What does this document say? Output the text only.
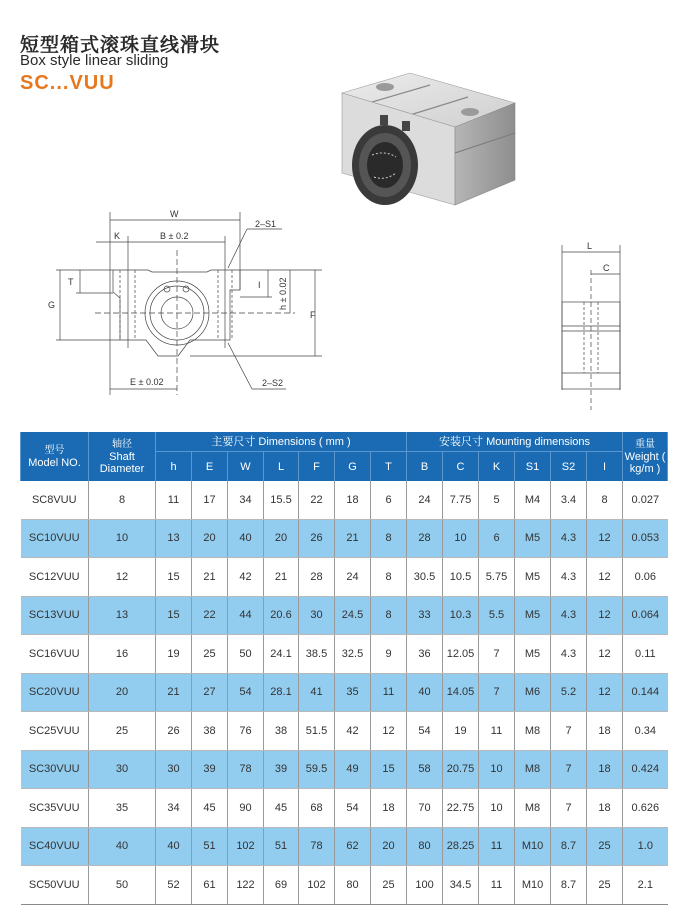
短型箱式滚珠直线滑块
Box style linear sliding
SC...VUU
W
K	B ± 0.2
2–S1
T
G
I h ± 0.02
F
E ± 0.02	2–S2
L
C
型号
Model NO.	轴径
Shaft Diameter	主要尺寸 Dimensions ( mm )							安装尺寸 Mounting dimensions						重量
Weight ( kg/m )
		h	E	W	L	F	G	T	B	C	K	S1	S2	I	
SC8VUU	8	11	17	34	15.5	22	18	6	24	7.75	5	M4	3.4	8	0.027
SC10VUU	10	13	20	40	20	26	21	8	28	10	6	M5	4.3	12	0.053
SC12VUU	12	15	21	42	21	28	24	8	30.5	10.5	5.75	M5	4.3	12	0.06
SC13VUU	13	15	22	44	20.6	30	24.5	8	33	10.3	5.5	M5	4.3	12	0.064
SC16VUU	16	19	25	50	24.1	38.5	32.5	9	36	12.05	7	M5	4.3	12	0.11
SC20VUU	20	21	27	54	28.1	41	35	11	40	14.05	7	M6	5.2	12	0.144
SC25VUU	25	26	38	76	38	51.5	42	12	54	19	11	M8	7	18	0.34
SC30VUU	30	30	39	78	39	59.5	49	15	58	20.75	10	M8	7	18	0.424
SC35VUU	35	34	45	90	45	68	54	18	70	22.75	10	M8	7	18	0.626
SC40VUU	40	40	51	102	51	78	62	20	80	28.25	11	M10	8.7	25	1.0
SC50VUU	50	52	61	122	69	102	80	25	100	34.5	11	M10	8.7	25	2.1
